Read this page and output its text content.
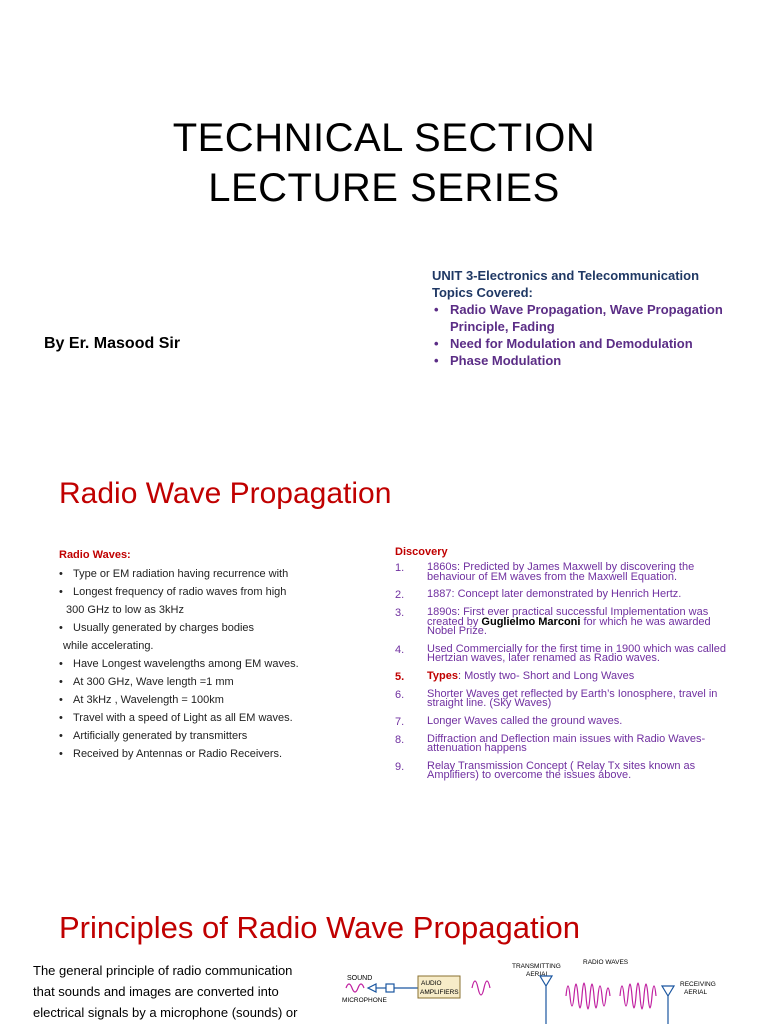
TECHNICAL SECTION
LECTURE SERIES
By Er. Masood Sir
UNIT 3-Electronics and Telecommunication
Topics Covered:
• Radio Wave Propagation, Wave Propagation Principle, Fading
• Need for Modulation and Demodulation
• Phase Modulation
Radio Wave Propagation
Radio Waves:
• Type or EM radiation having recurrence with
• Longest frequency of radio waves from high
300 GHz to low as 3kHz
• Usually generated by charges bodies
while accelerating.
• Have Longest wavelengths among EM waves.
• At 300 GHz, Wave length =1 mm
• At 3kHz , Wavelength = 100km
• Travel with a speed of Light as all EM waves.
• Artificially generated by transmitters
• Received by Antennas or Radio Receivers.
Discovery
1.	1860s: Predicted by James Maxwell by discovering the behaviour of EM waves from the Maxwell Equation.
2.	1887: Concept later demonstrated by Henrich Hertz.
3.	1890s: First ever practical successful Implementation was created by Guglielmo Marconi for which he was awarded Nobel Prize.
4.	Used Commercially for the first time in 1900 which was called Hertzian waves, later renamed as Radio waves.
5.	Types: Mostly two- Short and Long Waves
6.	Shorter Waves get reflected by Earth’s Ionosphere, travel in straight line. (Sky Waves)
7.	Longer Waves called the ground waves.
8.	Diffraction and Deflection main issues with Radio Waves- attenuation happens
9.	Relay Transmission Concept ( Relay Tx sites known as Amplifiers) to overcome the issues above.
Principles of Radio Wave Propagation
The general principle of radio communication
that sounds and images are converted into
electrical signals by a microphone (sounds) or
SOUND
MICROPHONE
AUDIO
AMPLIFIERS
TRANSMITTING
AERIAL
RADIO WAVES
RECEIVING
AERIAL
